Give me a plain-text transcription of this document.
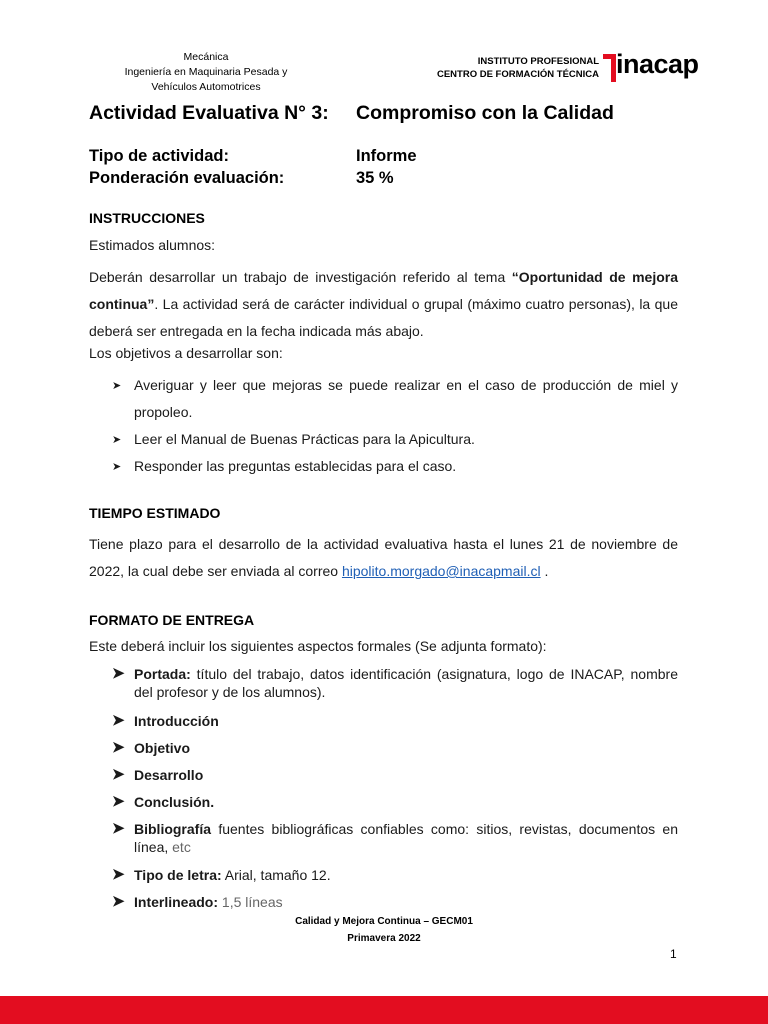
Mecánica
Ingeniería en Maquinaria Pesada y
Vehículos Automotrices
INSTITUTO PROFESIONAL
CENTRO DE FORMACIÓN TÉCNICA inacap
Actividad Evaluativa N° 3: Compromiso con la Calidad
Tipo de actividad:	Informe
Ponderación evaluación:	35 %
INSTRUCCIONES
Estimados alumnos:
Deberán desarrollar un trabajo de investigación referido al tema “Oportunidad de mejora continua”. La actividad será de carácter individual o grupal (máximo cuatro personas), la que deberá ser entregada en la fecha indicada más abajo.
Los objetivos a desarrollar son:
➤ Averiguar y leer que mejoras se puede realizar en el caso de producción de miel y propoleo.
➤ Leer el Manual de Buenas Prácticas para la Apicultura.
➤ Responder las preguntas establecidas para el caso.
TIEMPO ESTIMADO
Tiene plazo para el desarrollo de la actividad evaluativa hasta el lunes 21 de noviembre de 2022, la cual debe ser enviada al correo hipolito.morgado@inacapmail.cl .
FORMATO DE ENTREGA
Este deberá incluir los siguientes aspectos formales (Se adjunta formato):
➤ Portada: título del trabajo, datos identificación (asignatura, logo de INACAP, nombre del profesor y de los alumnos).
➤ Introducción
➤ Objetivo
➤ Desarrollo
➤ Conclusión.
➤ Bibliografía fuentes bibliográficas confiables como: sitios, revistas, documentos en línea, etc
➤ Tipo de letra: Arial, tamaño 12.
➤ Interlineado: 1,5 líneas
Calidad y Mejora Continua – GECM01
Primavera 2022
1
